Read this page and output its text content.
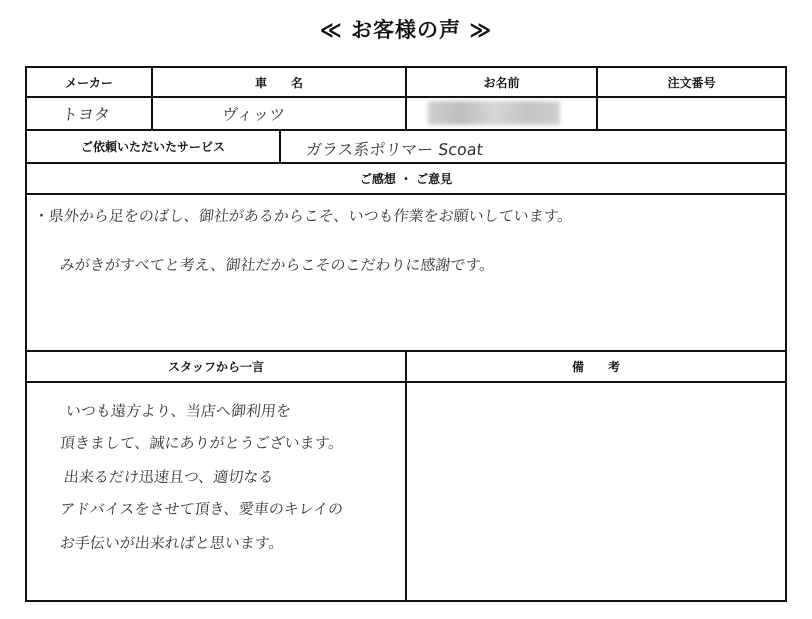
≪ お客様の声 ≫
メーカー	車　　名	お名前	注文番号
トヨタ	ヴィッツ
ご依頼いただいたサービス	ガラス系ポリマー Scoat
ご感想 ・ ご意見
・県外から足をのばし、御社があるからこそ、いつも作業をお願いしています。
みがきがすべてと考え、御社だからこそのこだわりに感謝です。
スタッフから一言	備　　考
いつも遠方より、当店へ御利用を
頂きまして、誠にありがとうございます。
出来るだけ迅速且つ、適切なる
アドバイスをさせて頂き、愛車のキレイの
お手伝いが出来ればと思います。
